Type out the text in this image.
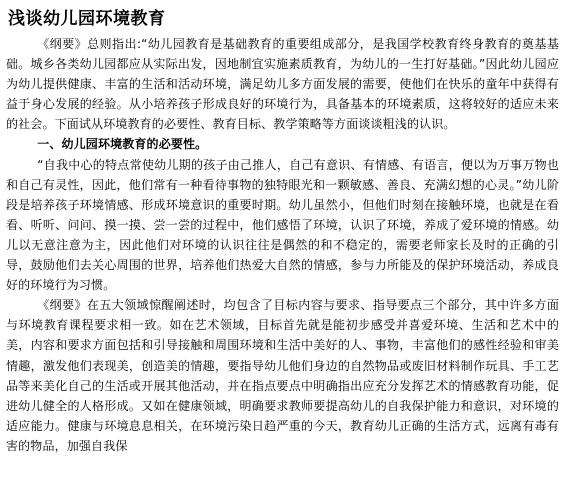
浅谈幼儿园环境教育

《纲要》总则指出:“幼儿园教育是基础教育的重要组成部分，是我国学校教育终身教育的奠基基础。城乡各类幼儿园都应从实际出发，因地制宜实施素质教育，为幼儿的一生打好基础。”因此幼儿园应为幼儿提供健康、丰富的生活和活动环境，满足幼儿多方面发展的需要，使他们在快乐的童年中获得有益于身心发展的经验。从小培养孩子形成良好的环境行为，具备基本的环境素质，这将较好的适应未来的社会。下面试从环境教育的必要性、教育目标、教学策略等方面谈谈粗浅的认识。

一、幼儿园环境教育的必要性。

“自我中心的特点常使幼儿期的孩子由己推人，自己有意识、有情感、有语言，便以为万事万物也和自己有灵性，因此，他们常有一种看待事物的独特眼光和一颗敏感、善良、充满幻想的心灵。”幼儿阶段是培养孩子环境情感、形成环境意识的重要时期。幼儿虽然小，但他们时刻在接触环境，也就是在看看、听听、问问、摸一摸、尝一尝的过程中，他们感悟了环境，认识了环境，养成了爱环境的情感。幼儿以无意注意为主，因此他们对环境的认识往往是偶然的和不稳定的，需要老师家长及时的正确的引导，鼓励他们去关心周围的世界，培养他们热爱大自然的情感，参与力所能及的保护环境活动，养成良好的环境行为习惯。

《纲要》在五大领域惊醒阐述时，均包含了目标内容与要求、指导要点三个部分，其中许多方面与环境教育课程要求相一致。如在艺术领域，目标首先就是能初步感受并喜爱环境、生活和艺术中的美，内容和要求方面包括和引导接触和周围环境和生活中美好的人、事物，丰富他们的感性经验和审美情趣，激发他们表现美，创造美的情趣，要指导幼儿他们身边的自然物品或废旧材料制作玩具、手工艺品等来美化自己的生活或开展其他活动，并在指点要点中明确指出应充分发挥艺术的情感教育功能，促进幼儿健全的人格形成。又如在健康领域，明确要求教师要提高幼儿的自我保护能力和意识，对环境的适应能力。健康与环境息息相关，在环境污染日趋严重的今天，教育幼儿正确的生活方式，远离有毒有害的物品，加强自我保
